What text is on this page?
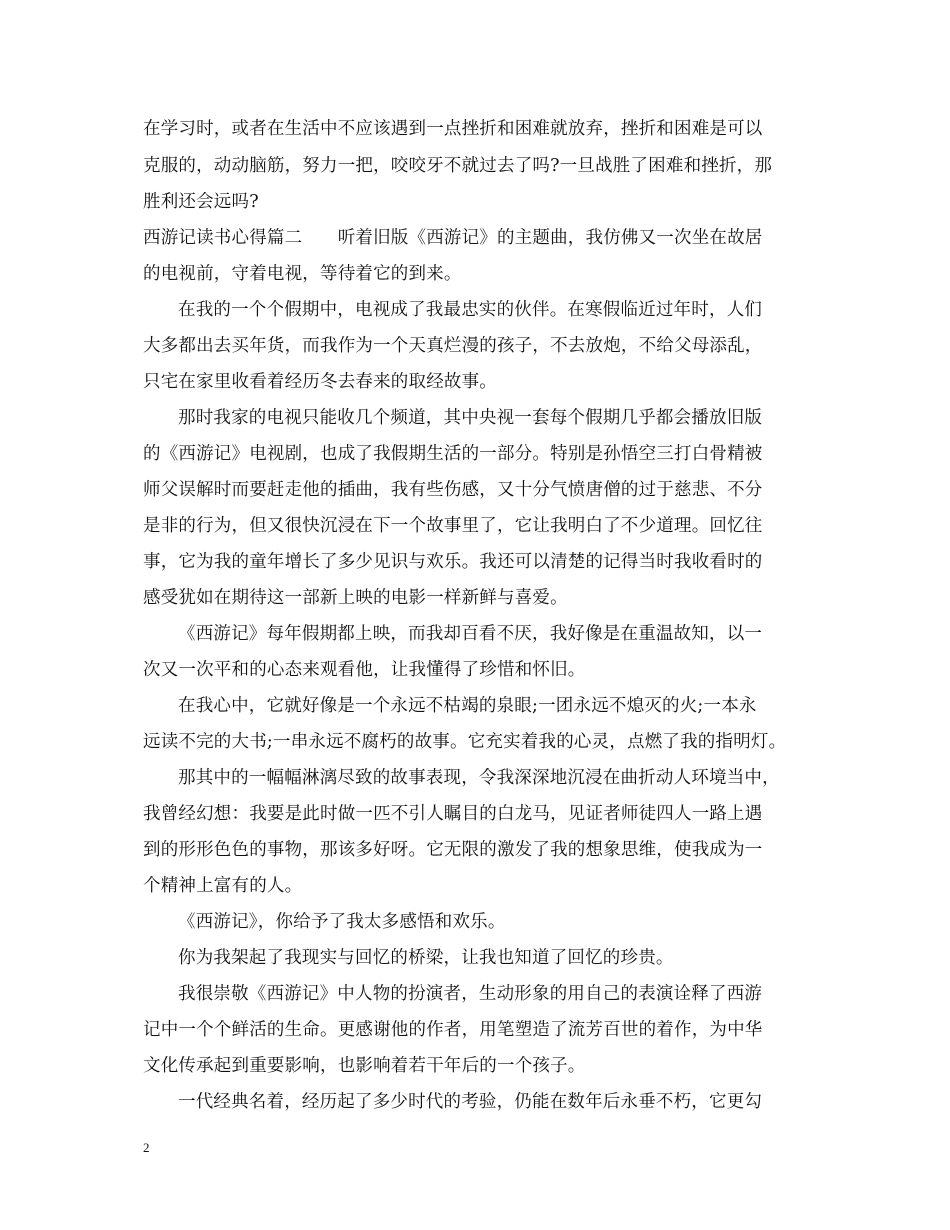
在学习时，或者在生活中不应该遇到一点挫折和困难就放弃，挫折和困难是可以
克服的，动动脑筋，努力一把，咬咬牙不就过去了吗?一旦战胜了困难和挫折，那
胜利还会远吗?
西游记读书心得篇二　　听着旧版《西游记》的主题曲，我仿佛又一次坐在故居
的电视前，守着电视，等待着它的到来。
在我的一个个假期中，电视成了我最忠实的伙伴。在寒假临近过年时，人们
大多都出去买年货，而我作为一个天真烂漫的孩子，不去放炮，不给父母添乱，
只宅在家里收看着经历冬去春来的取经故事。
那时我家的电视只能收几个频道，其中央视一套每个假期几乎都会播放旧版
的《西游记》电视剧，也成了我假期生活的一部分。特别是孙悟空三打白骨精被
师父误解时而要赶走他的插曲，我有些伤感，又十分气愤唐僧的过于慈悲、不分
是非的行为，但又很快沉浸在下一个故事里了，它让我明白了不少道理。回忆往
事，它为我的童年增长了多少见识与欢乐。我还可以清楚的记得当时我收看时的
感受犹如在期待这一部新上映的电影一样新鲜与喜爱。
《西游记》每年假期都上映，而我却百看不厌，我好像是在重温故知，以一
次又一次平和的心态来观看他，让我懂得了珍惜和怀旧。
在我心中，它就好像是一个永远不枯竭的泉眼;一团永远不熄灭的火;一本永
远读不完的大书;一串永远不腐朽的故事。它充实着我的心灵，点燃了我的指明灯。
那其中的一幅幅淋漓尽致的故事表现，令我深深地沉浸在曲折动人环境当中，
我曾经幻想：我要是此时做一匹不引人瞩目的白龙马，见证者师徒四人一路上遇
到的形形色色的事物，那该多好呀。它无限的激发了我的想象思维，使我成为一
个精神上富有的人。
《西游记》，你给予了我太多感悟和欢乐。
你为我架起了我现实与回忆的桥梁，让我也知道了回忆的珍贵。
我很崇敬《西游记》中人物的扮演者，生动形象的用自己的表演诠释了西游
记中一个个鲜活的生命。更感谢他的作者，用笔塑造了流芳百世的着作，为中华
文化传承起到重要影响，也影响着若干年后的一个孩子。
一代经典名着，经历起了多少时代的考验，仍能在数年后永垂不朽，它更勾
2
